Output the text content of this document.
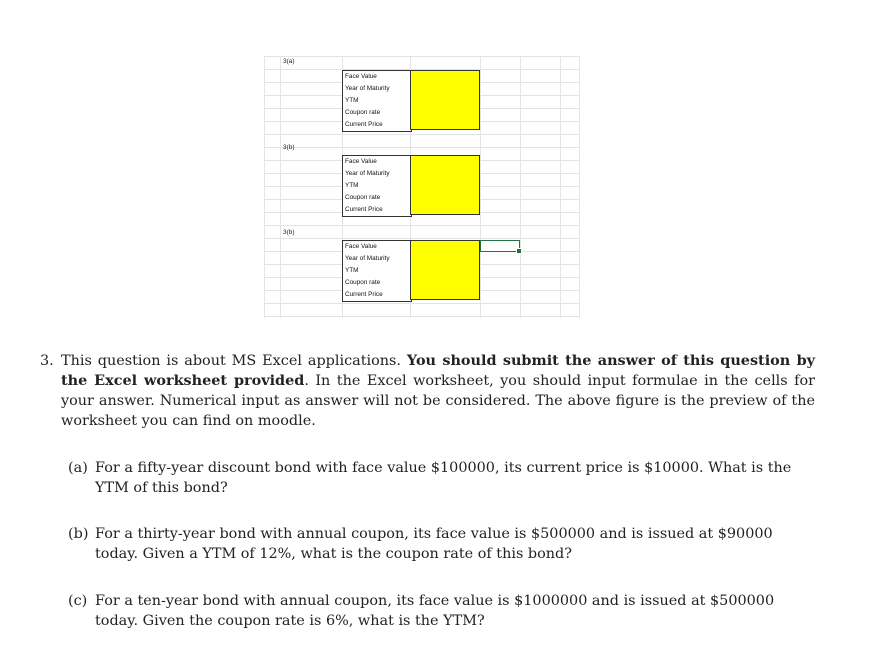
3(a)
Face Value
Year of Maturity
YTM
Coupon rate
Current Price
3(b)
Face Value
Year of Maturity
YTM
Coupon rate
Current Price
3(b)
Face Value
Year of Maturity
YTM
Coupon rate
Current Price
3. This question is about MS Excel applications. You should submit the answer of this question by the Excel worksheet provided. In the Excel worksheet, you should input formulae in the cells for your answer. Numerical input as answer will not be considered. The above figure is the preview of the worksheet you can find on moodle.
(a) For a fifty-year discount bond with face value $100000, its current price is $10000. What is the YTM of this bond?
(b) For a thirty-year bond with annual coupon, its face value is $500000 and is issued at $90000 today. Given a YTM of 12%, what is the coupon rate of this bond?
(c) For a ten-year bond with annual coupon, its face value is $1000000 and is issued at $500000 today. Given the coupon rate is 6%, what is the YTM?
